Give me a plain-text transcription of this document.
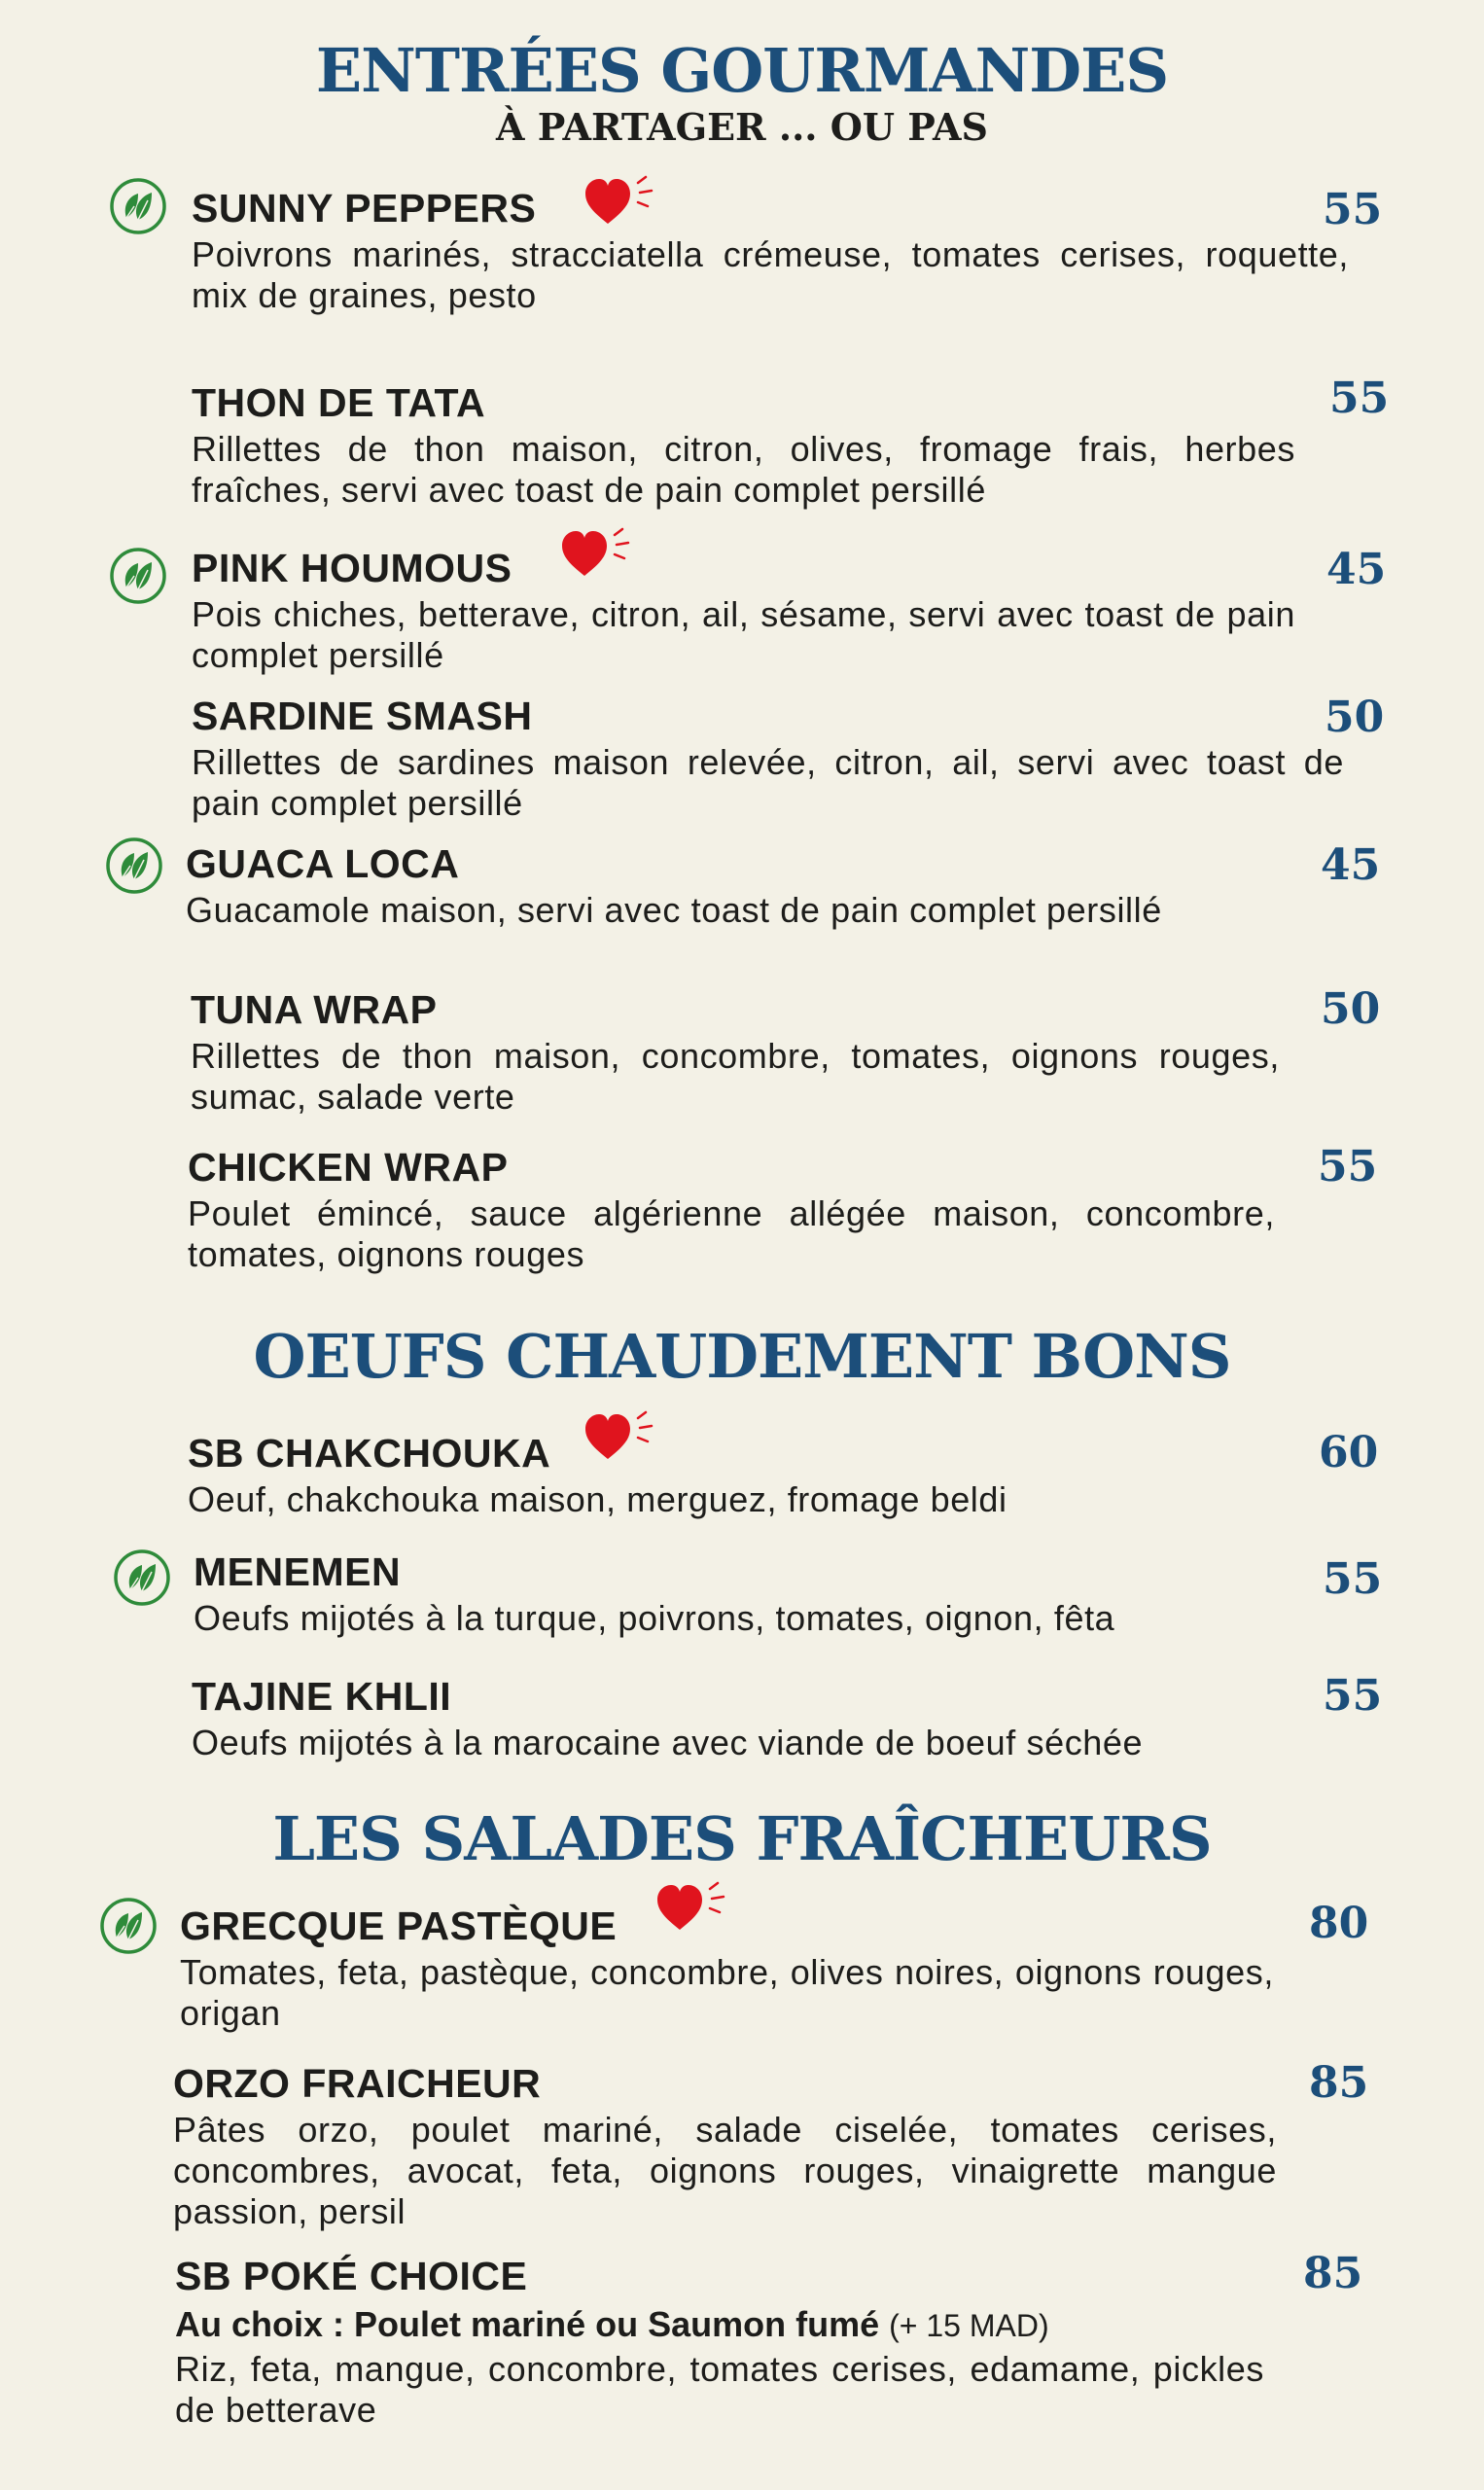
ENTRÉES GOURMANDES
À PARTAGER ... OU PAS
SUNNY PEPPERS
Poivrons marinés, stracciatella crémeuse, tomates cerises, roquette, mix de graines, pesto
55
THON DE TATA
Rillettes de thon maison, citron, olives, fromage frais, herbes fraîches, servi avec toast de pain complet persillé
55
PINK HOUMOUS
Pois chiches, betterave, citron, ail, sésame, servi avec toast de pain complet persillé
45
SARDINE SMASH
Rillettes de sardines maison relevée, citron, ail, servi avec toast de pain complet persillé
50
GUACA LOCA
Guacamole maison, servi avec toast de pain complet persillé
45
TUNA WRAP
Rillettes de thon maison, concombre, tomates, oignons rouges, sumac, salade verte
50
CHICKEN WRAP
Poulet émincé, sauce algérienne allégée maison, concombre, tomates, oignons rouges
55
OEUFS CHAUDEMENT BONS
SB CHAKCHOUKA
Oeuf, chakchouka maison, merguez, fromage beldi
60
MENEMEN
Oeufs mijotés à la turque, poivrons, tomates, oignon, fêta
55
TAJINE KHLII
Oeufs mijotés à la marocaine avec viande de boeuf séchée
55
LES SALADES FRAÎCHEURS
GRECQUE PASTÈQUE
Tomates, feta, pastèque, concombre, olives noires, oignons rouges, origan
80
ORZO FRAICHEUR
Pâtes orzo, poulet mariné, salade ciselée, tomates cerises, concombres, avocat, feta, oignons rouges, vinaigrette mangue passion, persil
85
SB POKÉ CHOICE
Au choix : Poulet mariné ou Saumon fumé (+ 15 MAD)
Riz, feta, mangue, concombre, tomates cerises, edamame, pickles de betterave
85
